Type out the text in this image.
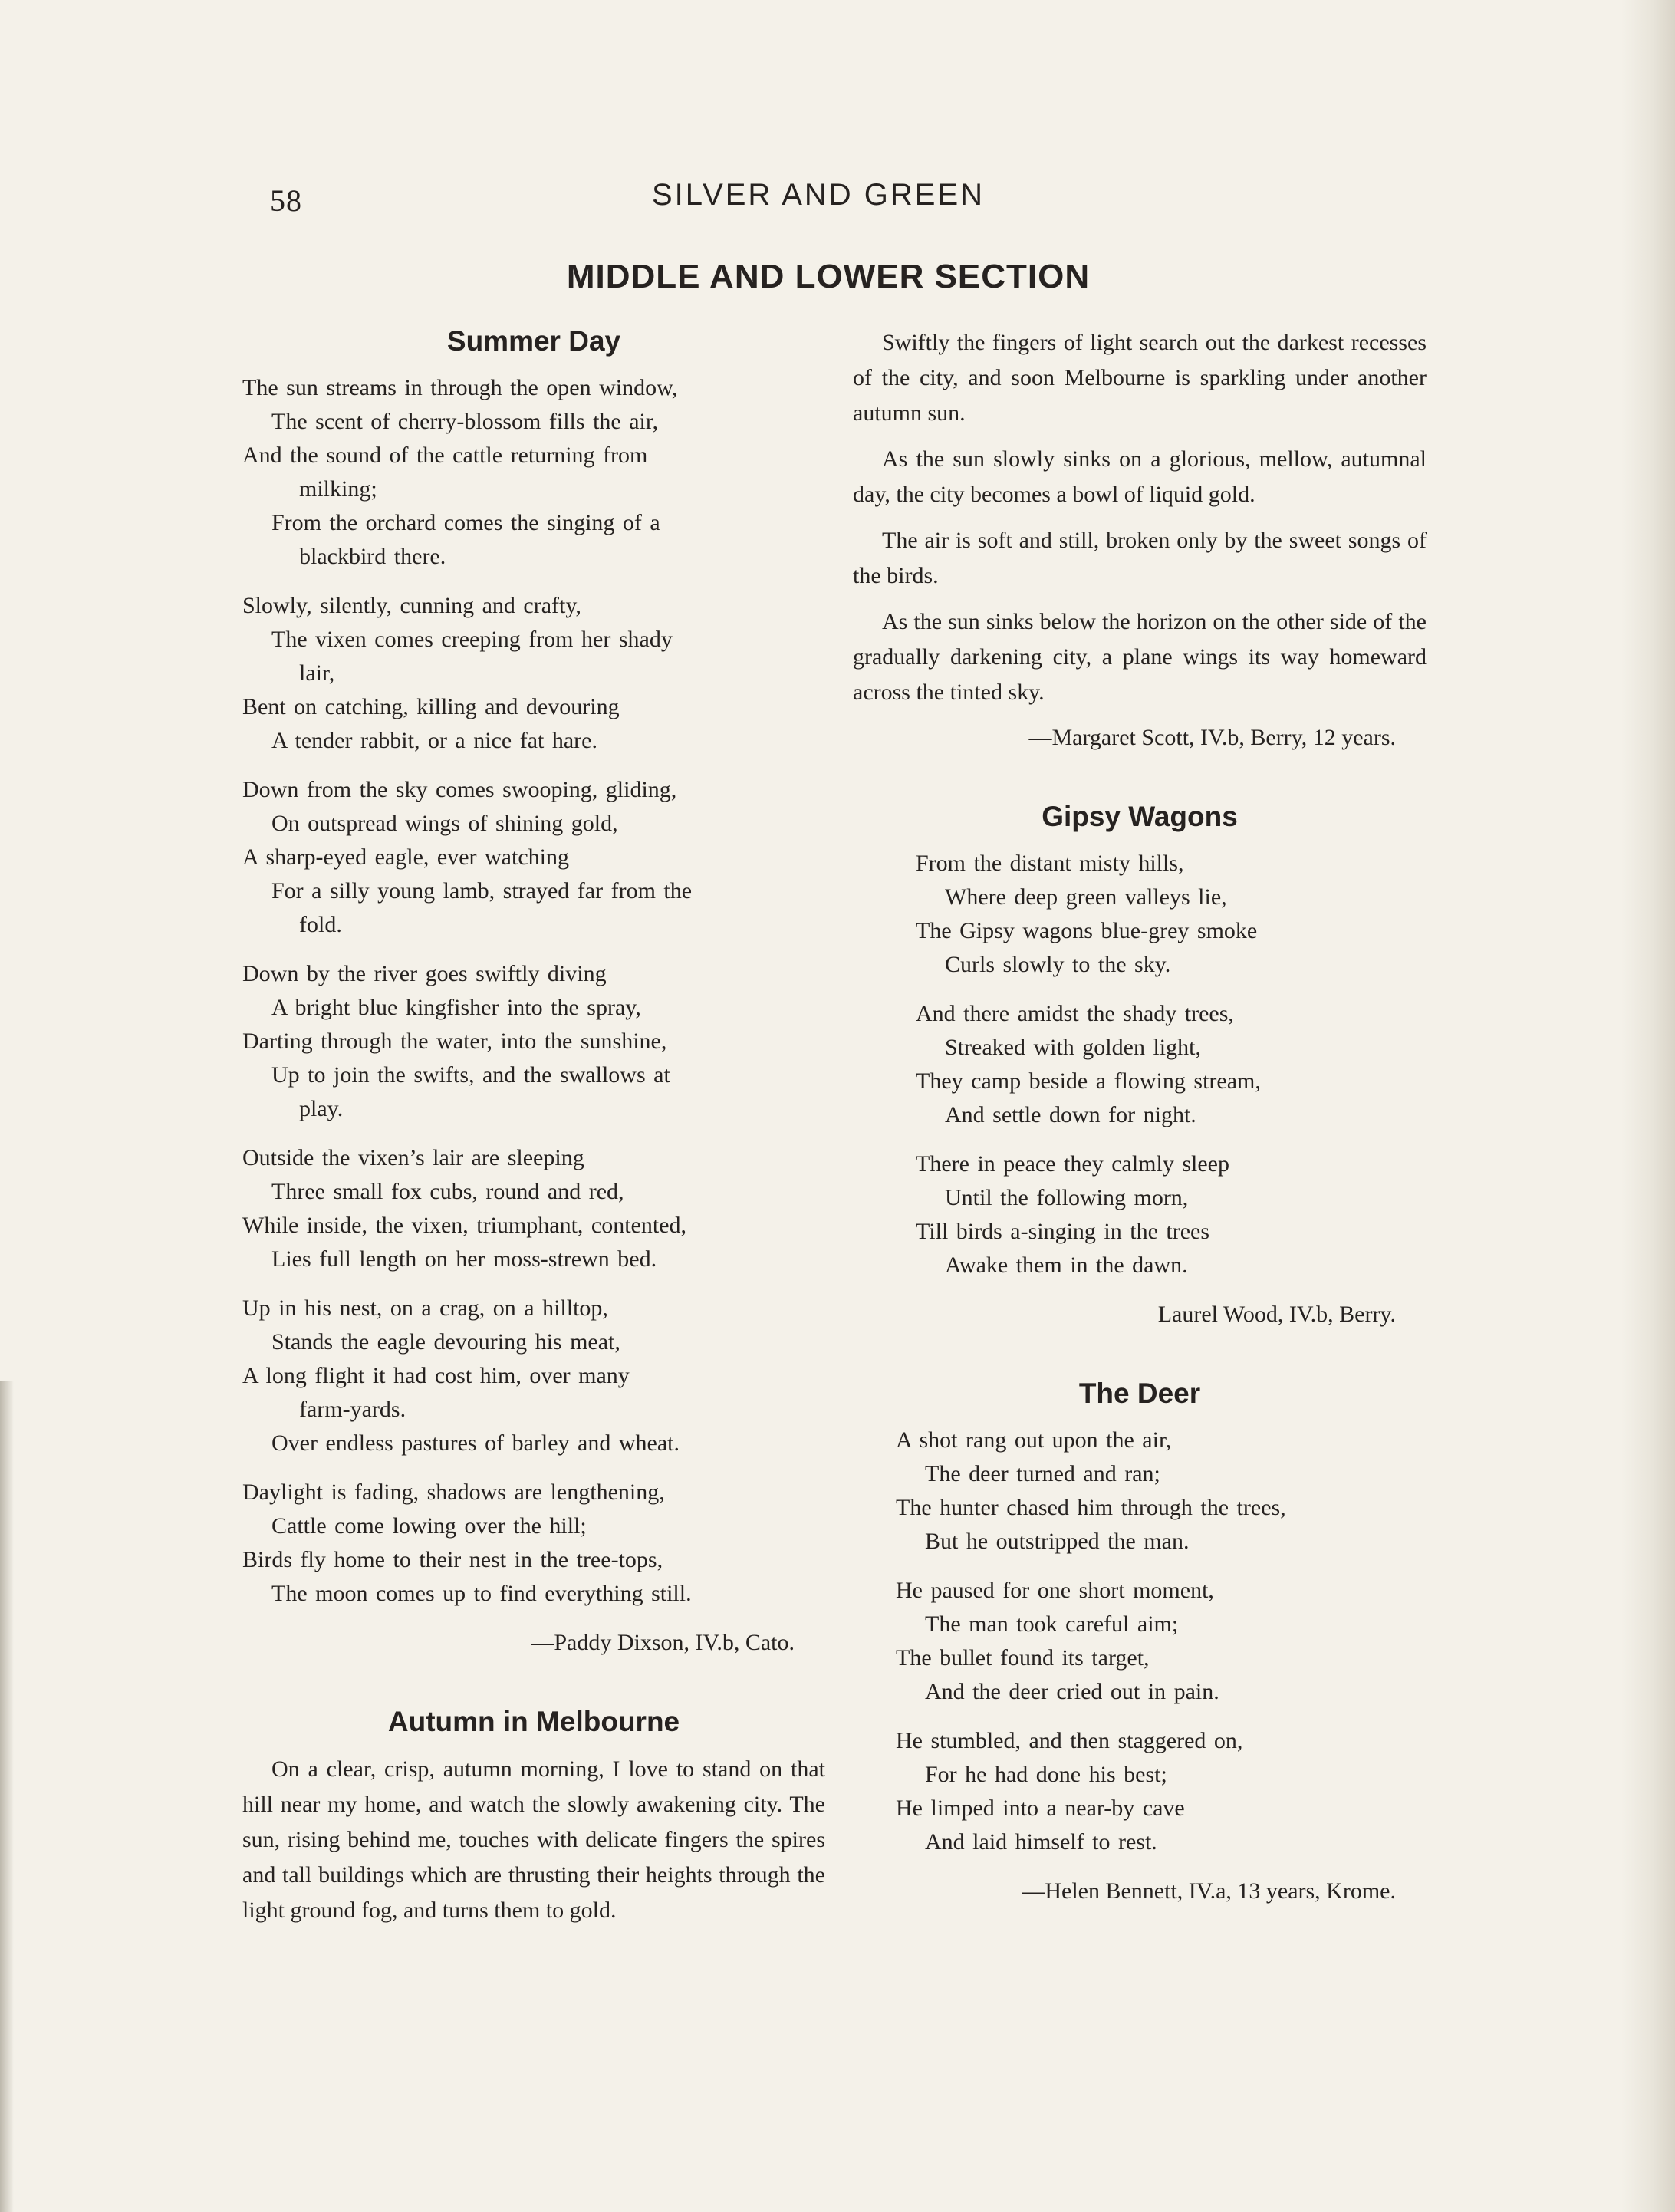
58	SILVER AND GREEN
MIDDLE AND LOWER SECTION
Summer Day
The sun streams in through the open window,
The scent of cherry-blossom fills the air,
And the sound of the cattle returning from
milking;
From the orchard comes the singing of a
blackbird there.
Slowly, silently, cunning and crafty,
The vixen comes creeping from her shady
lair,
Bent on catching, killing and devouring
A tender rabbit, or a nice fat hare.
Down from the sky comes swooping, gliding,
On outspread wings of shining gold,
A sharp-eyed eagle, ever watching
For a silly young lamb, strayed far from the
fold.
Down by the river goes swiftly diving
A bright blue kingfisher into the spray,
Darting through the water, into the sunshine,
Up to join the swifts, and the swallows at
play.
Outside the vixen’s lair are sleeping
Three small fox cubs, round and red,
While inside, the vixen, triumphant, contented,
Lies full length on her moss-strewn bed.
Up in his nest, on a crag, on a hilltop,
Stands the eagle devouring his meat,
A long flight it had cost him, over many
farm-yards.
Over endless pastures of barley and wheat.
Daylight is fading, shadows are lengthening,
Cattle come lowing over the hill;
Birds fly home to their nest in the tree-tops,
The moon comes up to find everything still.
—Paddy Dixson, IV.b, Cato.
Autumn in Melbourne

On a clear, crisp, autumn morning, I love to stand on that hill near my home, and watch the slowly awakening city. The sun, rising behind me, touches with delicate fingers the spires and tall buildings which are thrusting their heights through the light ground fog, and turns them to gold.

Swiftly the fingers of light search out the darkest recesses of the city, and soon Melbourne is sparkling under another autumn sun.

As the sun slowly sinks on a glorious, mellow, autumnal day, the city becomes a bowl of liquid gold.

The air is soft and still, broken only by the sweet songs of the birds.

As the sun sinks below the horizon on the other side of the gradually darkening city, a plane wings its way homeward across the tinted sky.

—Margaret Scott, IV.b, Berry, 12 years.
Gipsy Wagons
From the distant misty hills,
Where deep green valleys lie,
The Gipsy wagons blue-grey smoke
Curls slowly to the sky.
And there amidst the shady trees,
Streaked with golden light,
They camp beside a flowing stream,
And settle down for night.
There in peace they calmly sleep
Until the following morn,
Till birds a-singing in the trees
Awake them in the dawn.
Laurel Wood, IV.b, Berry.
The Deer
A shot rang out upon the air,
The deer turned and ran;
The hunter chased him through the trees,
But he outstripped the man.
He paused for one short moment,
The man took careful aim;
The bullet found its target,
And the deer cried out in pain.
He stumbled, and then staggered on,
For he had done his best;
He limped into a near-by cave
And laid himself to rest.
—Helen Bennett, IV.a, 13 years, Krome.
